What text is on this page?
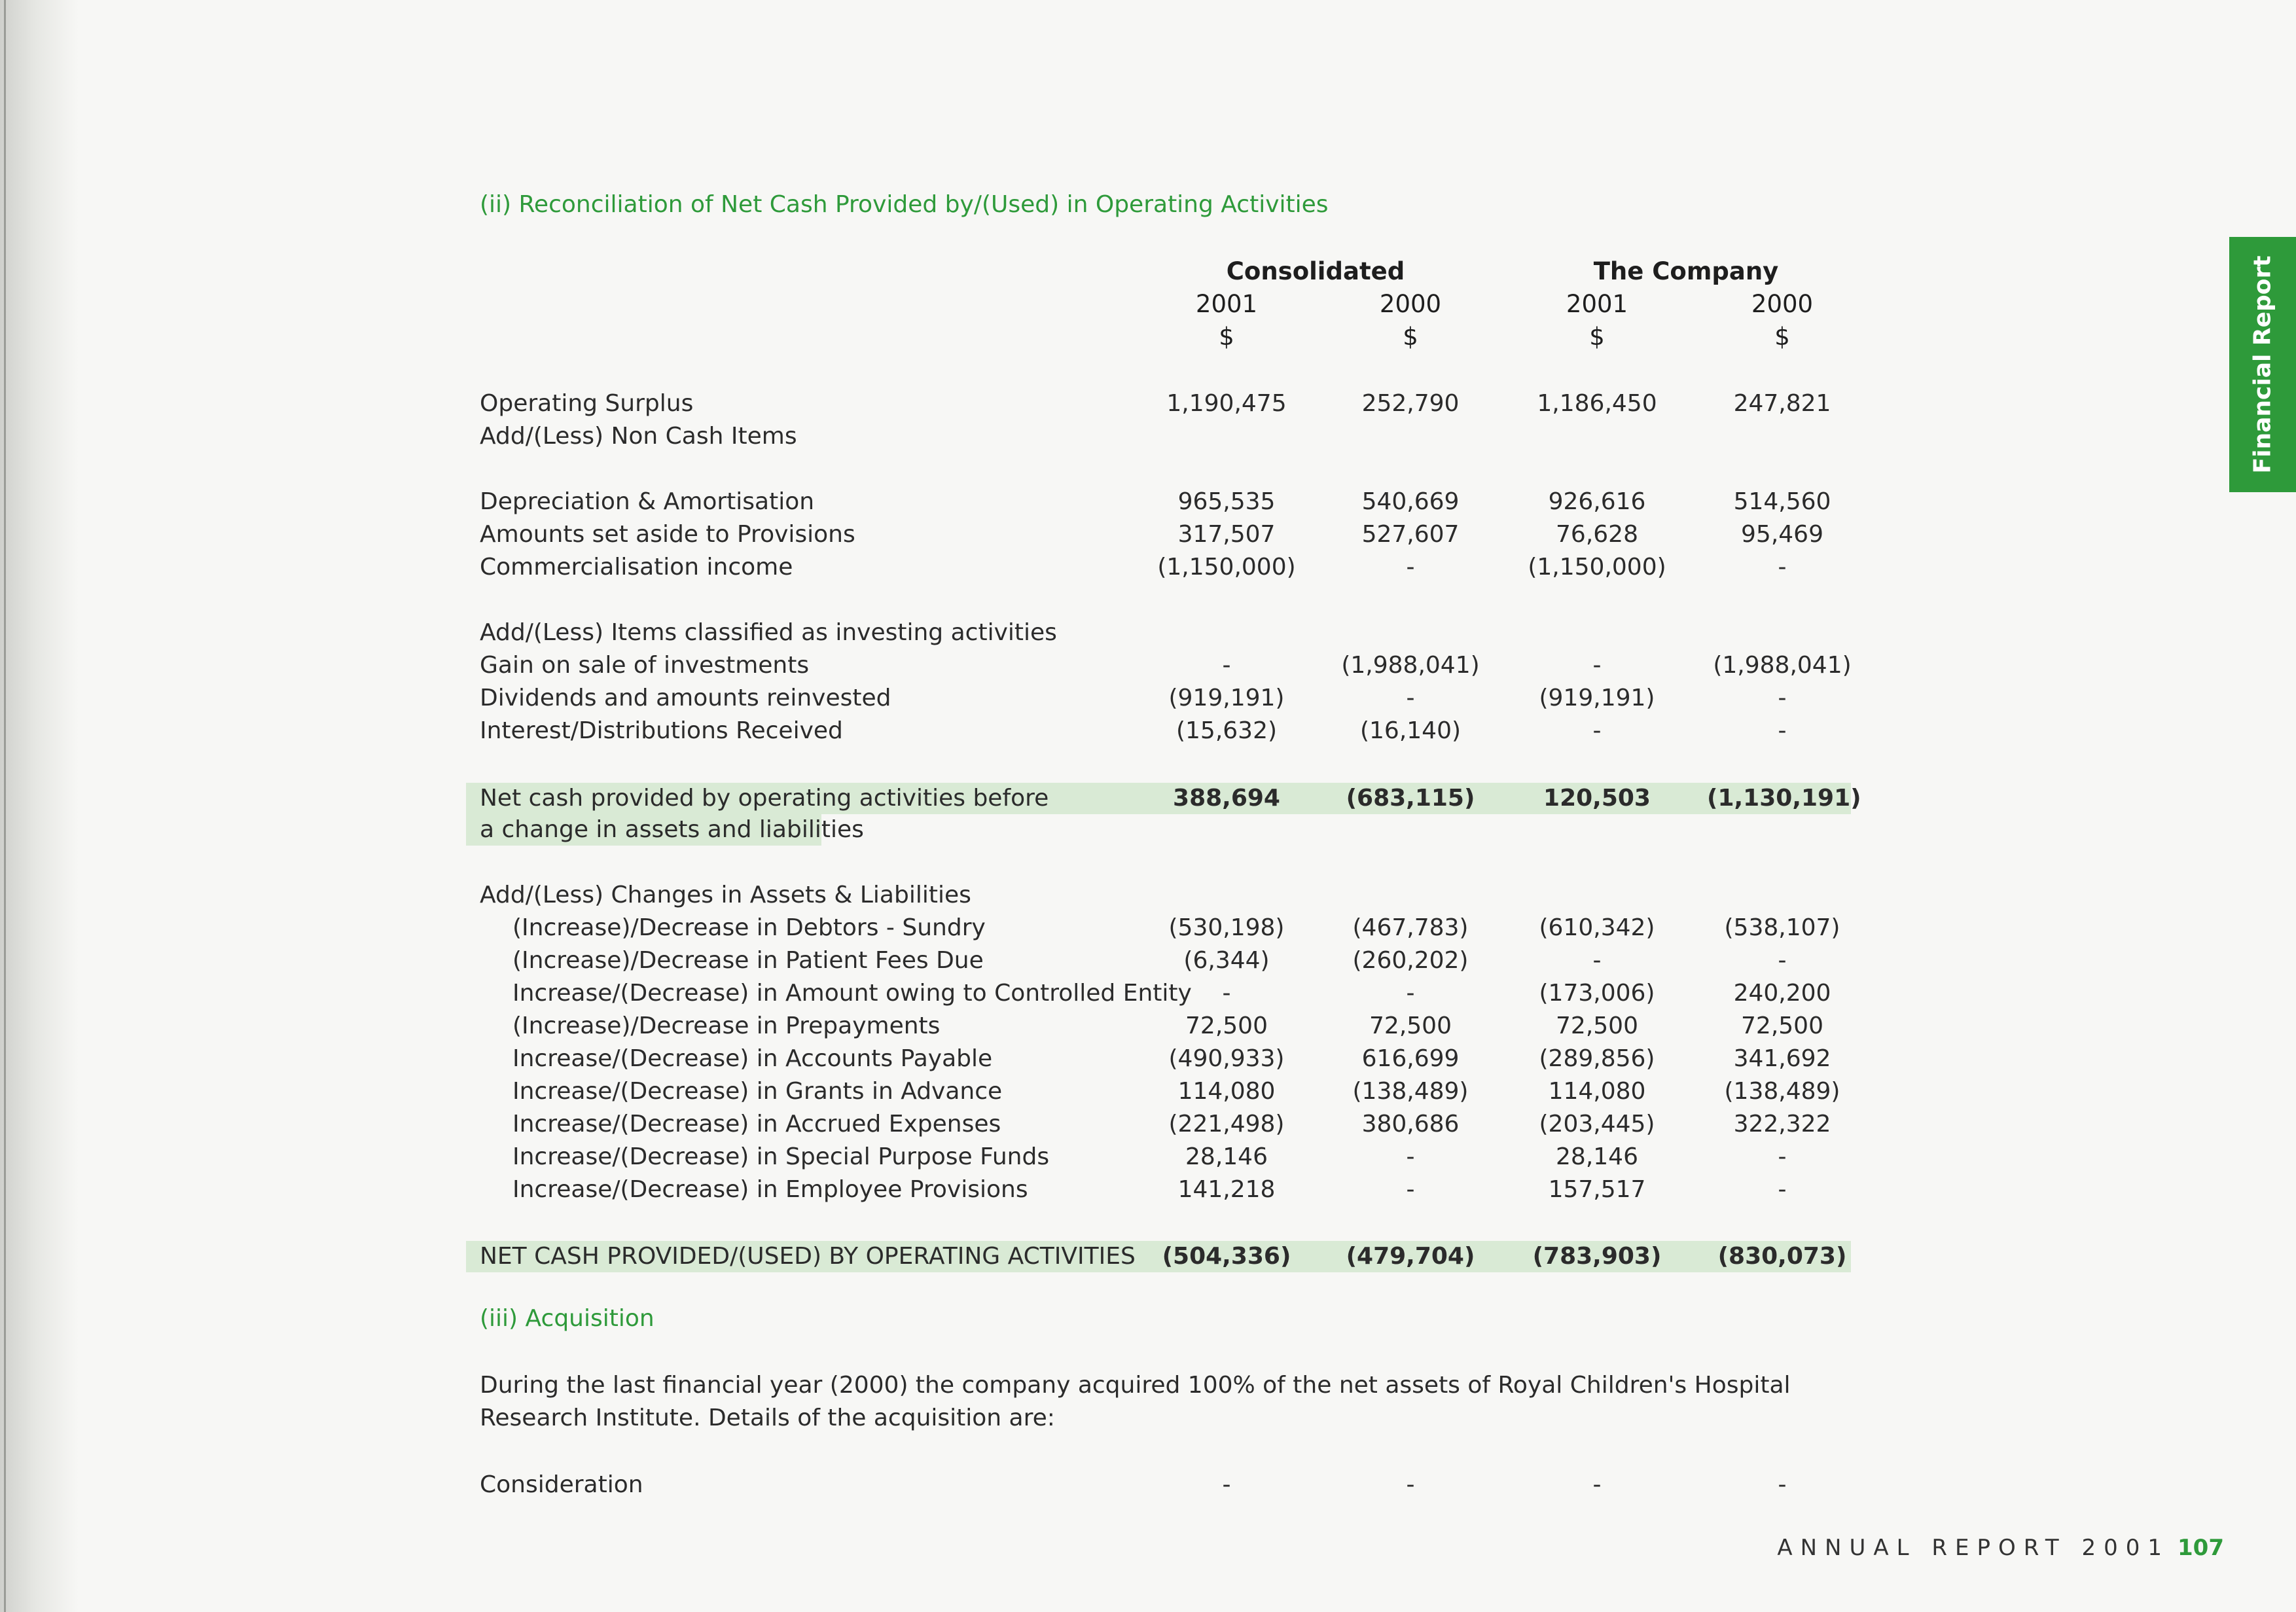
(ii) Reconciliation of Net Cash Provided by/(Used) in Operating Activities
Consolidated	The Company
2001	2000	2001	2000
$	$	$	$
Operating Surplus	1,190,475	252,790	1,186,450	247,821
Add/(Less) Non Cash Items
Depreciation & Amortisation	965,535	540,669	926,616	514,560
Amounts set aside to Provisions	317,507	527,607	76,628	95,469
Commercialisation income	(1,150,000)	-	(1,150,000)	-
Add/(Less) Items classified as investing activities
Gain on sale of investments	-	(1,988,041)	-	(1,988,041)
Dividends and amounts reinvested	(919,191)	-	(919,191)	-
Interest/Distributions Received	(15,632)	(16,140)	-	-
Net cash provided by operating activities before	388,694	(683,115)	120,503	(1,130,191)
a change in assets and liabilities
Add/(Less) Changes in Assets & Liabilities
(Increase)/Decrease in Debtors - Sundry	(530,198)	(467,783)	(610,342)	(538,107)
(Increase)/Decrease in Patient Fees Due	(6,344)	(260,202)	-	-
Increase/(Decrease) in Amount owing to Controlled Entity	-	-	(173,006)	240,200
(Increase)/Decrease in Prepayments	72,500	72,500	72,500	72,500
Increase/(Decrease) in Accounts Payable	(490,933)	616,699	(289,856)	341,692
Increase/(Decrease) in Grants in Advance	114,080	(138,489)	114,080	(138,489)
Increase/(Decrease) in Accrued Expenses	(221,498)	380,686	(203,445)	322,322
Increase/(Decrease) in Special Purpose Funds	28,146	-	28,146	-
Increase/(Decrease) in Employee Provisions	141,218	-	157,517	-
NET CASH PROVIDED/(USED) BY OPERATING ACTIVITIES	(504,336)	(479,704)	(783,903)	(830,073)
(iii) Acquisition

During the last financial year (2000) the company acquired 100% of the net assets of Royal Children's Hospital Research Institute. Details of the acquisition are:

Consideration	-	-	-	-
Financial Report
ANNUAL REPORT 2001 107
